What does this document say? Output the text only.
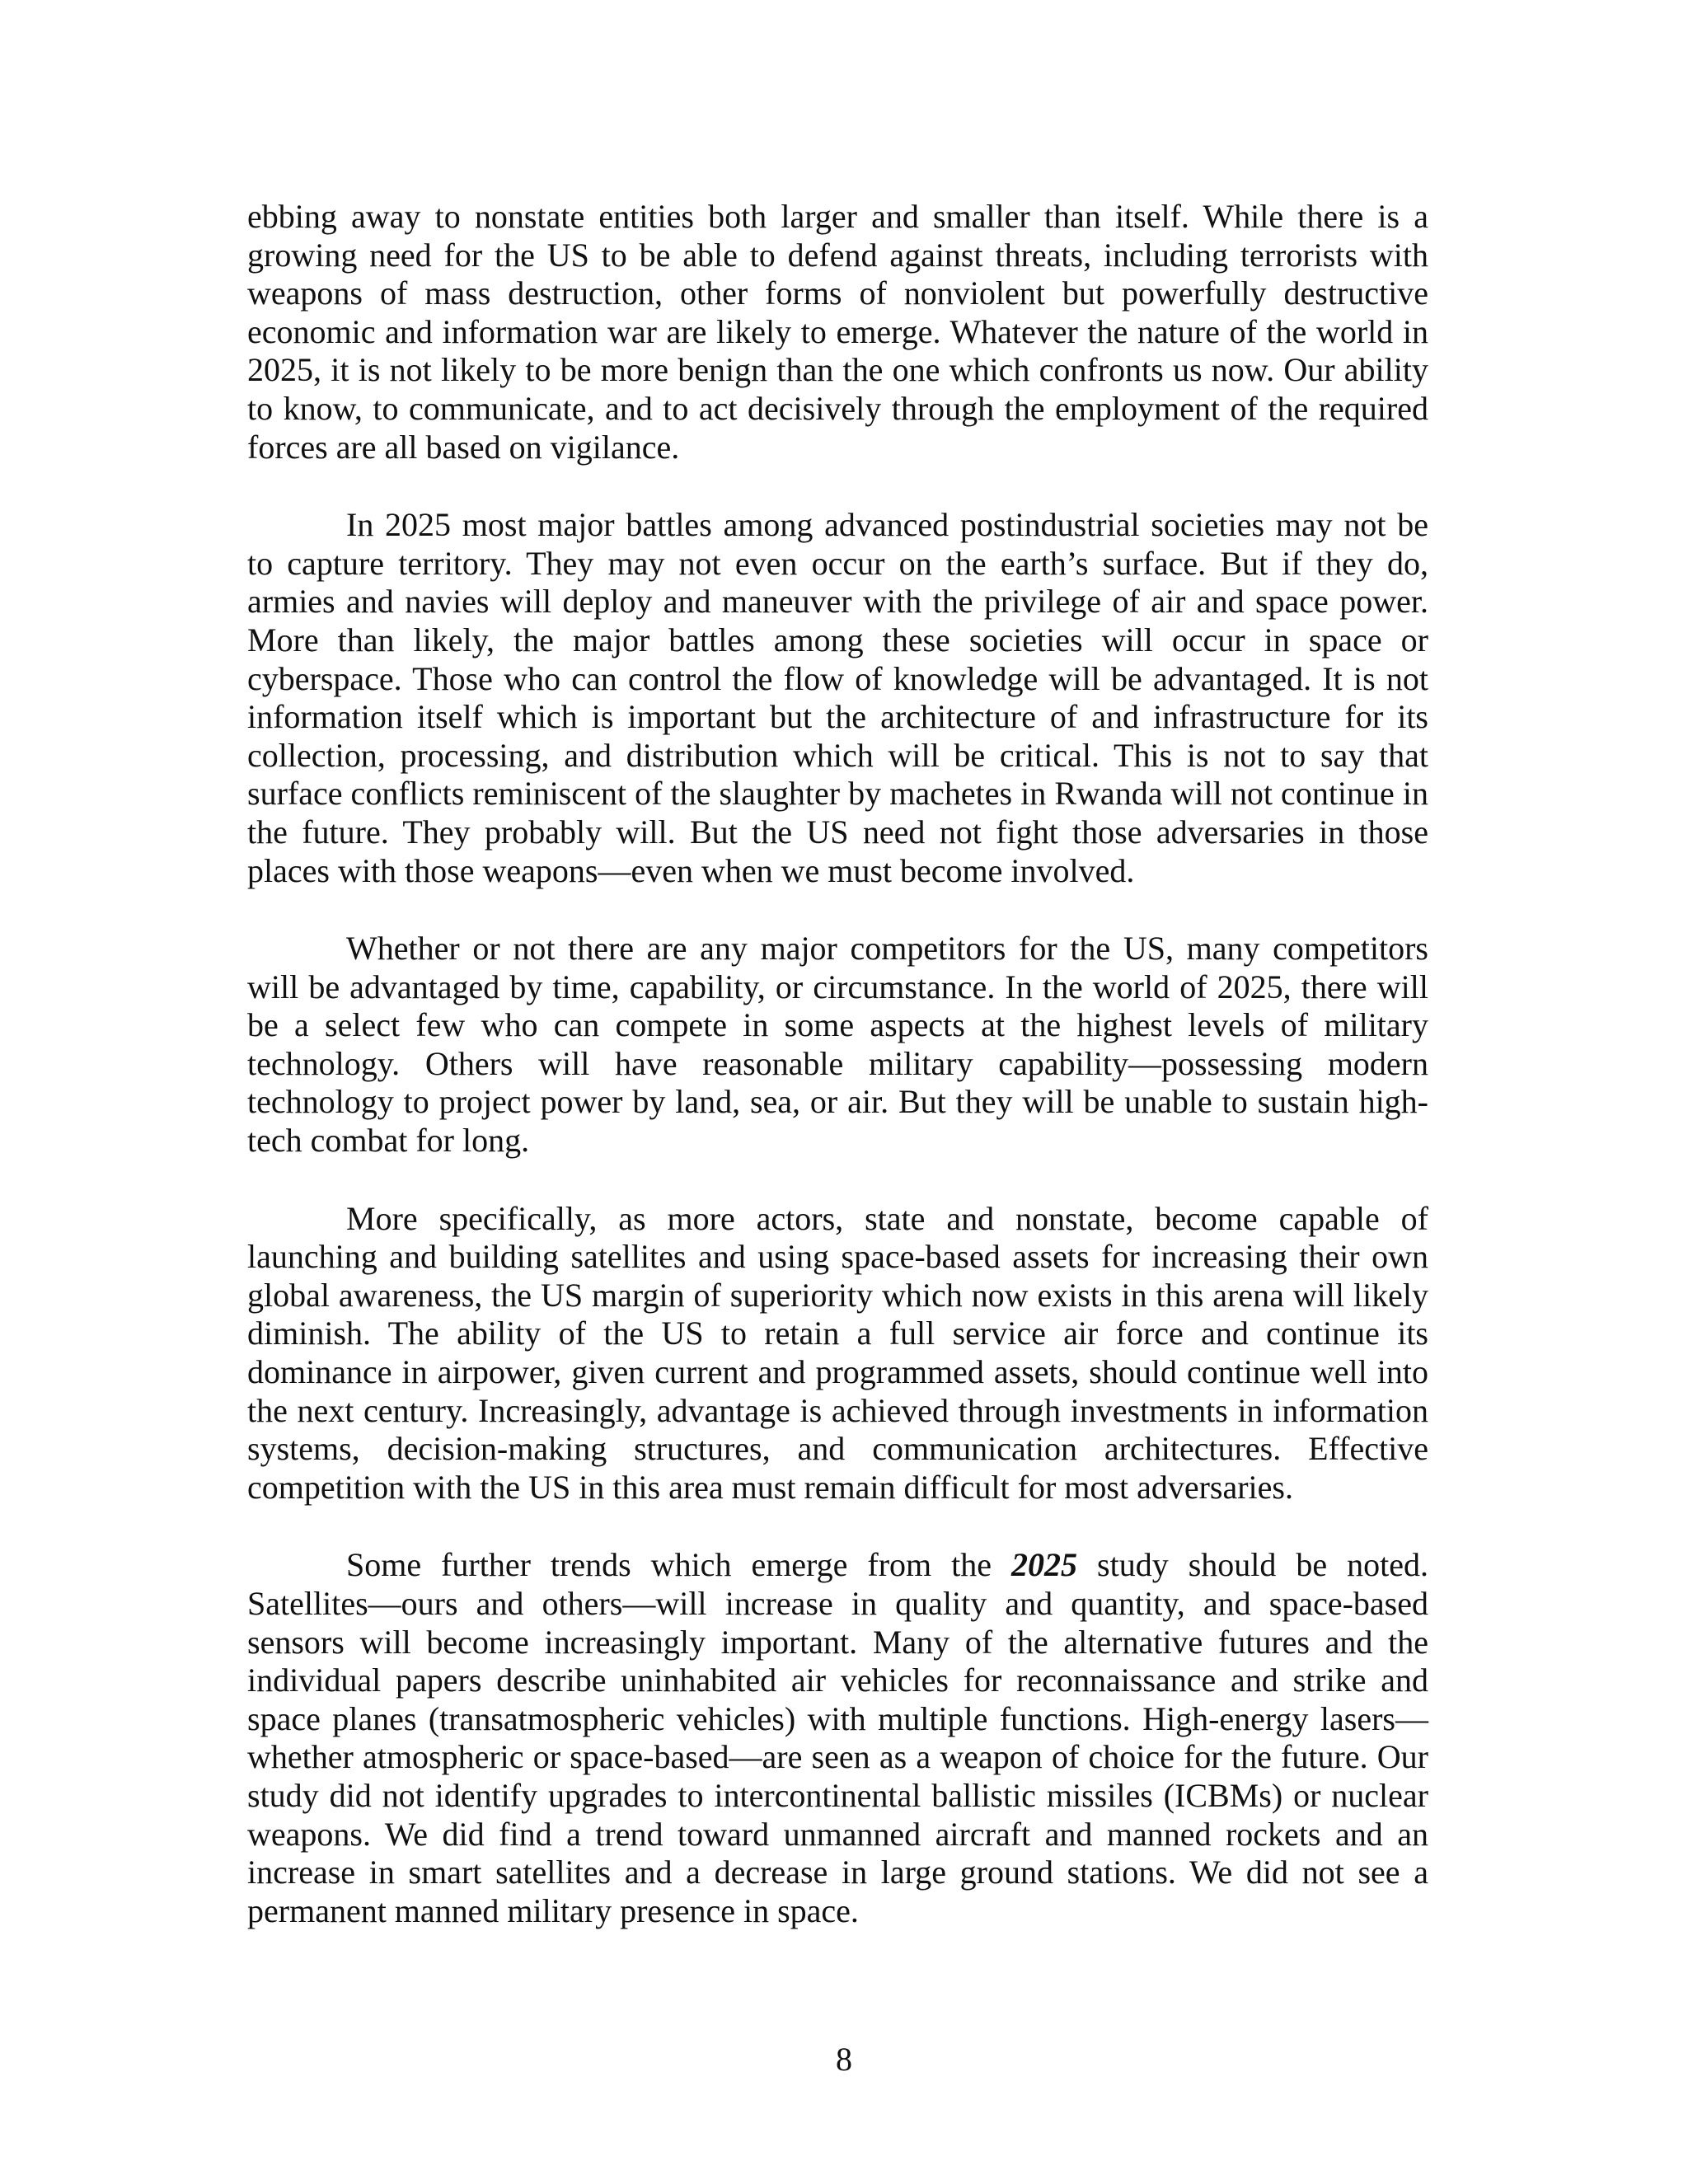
ebbing away to nonstate entities both larger and smaller than itself. While there is a growing need for the US to be able to defend against threats, including terrorists with weapons of mass destruction, other forms of nonviolent but powerfully destructive economic and information war are likely to emerge. Whatever the nature of the world in 2025, it is not likely to be more benign than the one which confronts us now. Our ability to know, to communicate, and to act decisively through the employment of the required forces are all based on vigilance.

In 2025 most major battles among advanced postindustrial societies may not be to capture territory. They may not even occur on the earth’s surface. But if they do, armies and navies will deploy and maneuver with the privilege of air and space power. More than likely, the major battles among these societies will occur in space or cyberspace. Those who can control the flow of knowledge will be advantaged. It is not information itself which is important but the architecture of and infrastructure for its collection, processing, and distribution which will be critical. This is not to say that surface conflicts reminiscent of the slaughter by machetes in Rwanda will not continue in the future. They probably will. But the US need not fight those adversaries in those places with those weapons—even when we must become involved.

Whether or not there are any major competitors for the US, many competitors will be advantaged by time, capability, or circumstance. In the world of 2025, there will be a select few who can compete in some aspects at the highest levels of military technology. Others will have reasonable military capability—possessing modern technology to project power by land, sea, or air. But they will be unable to sustain high-tech combat for long.

More specifically, as more actors, state and nonstate, become capable of launching and building satellites and using space-based assets for increasing their own global awareness, the US margin of superiority which now exists in this arena will likely diminish. The ability of the US to retain a full service air force and continue its dominance in airpower, given current and programmed assets, should continue well into the next century. Increasingly, advantage is achieved through investments in information systems, decision-making structures, and communication architectures. Effective competition with the US in this area must remain difficult for most adversaries.

Some further trends which emerge from the 2025 study should be noted. Satellites—ours and others—will increase in quality and quantity, and space-based sensors will become increasingly important. Many of the alternative futures and the individual papers describe uninhabited air vehicles for reconnaissance and strike and space planes (transatmospheric vehicles) with multiple functions. High-energy lasers—whether atmospheric or space-based—are seen as a weapon of choice for the future. Our study did not identify upgrades to intercontinental ballistic missiles (ICBMs) or nuclear weapons. We did find a trend toward unmanned aircraft and manned rockets and an increase in smart satellites and a decrease in large ground stations. We did not see a permanent manned military presence in space.

8
